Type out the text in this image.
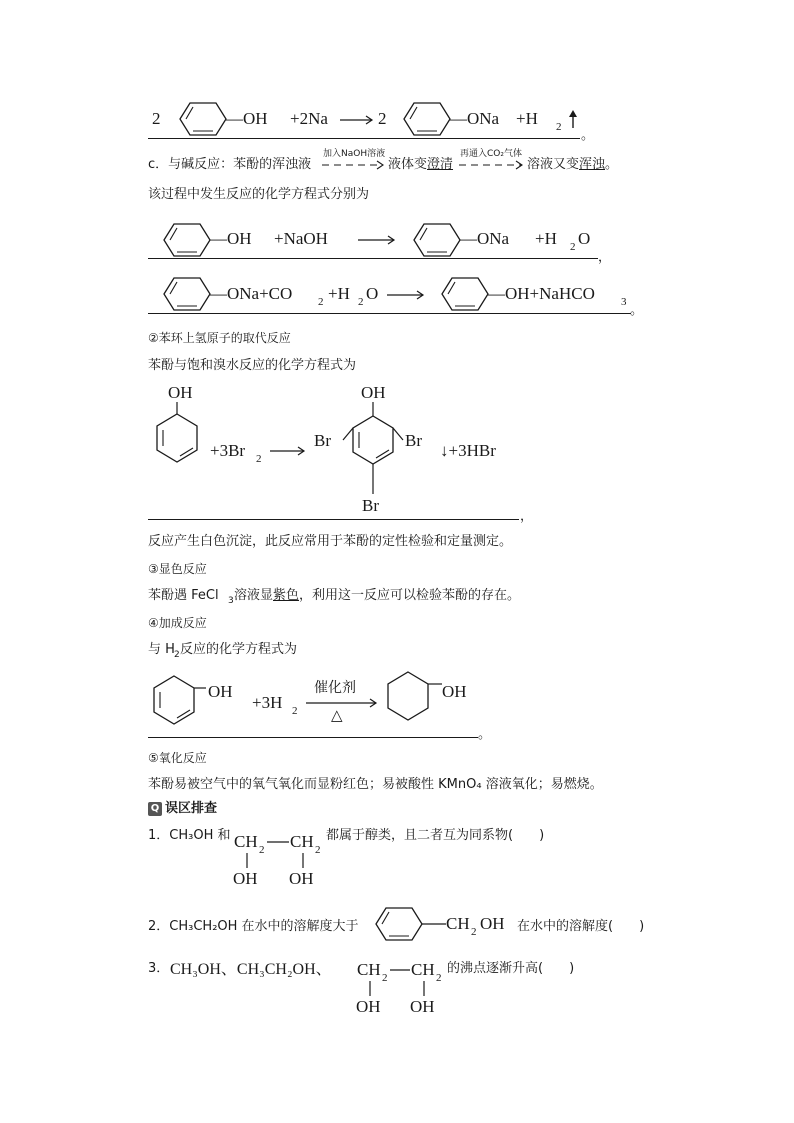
2	—OH +2Na	2	—ONa +H 2
。
c．与碱反应：苯酚的浑浊液
加入NaOH溶液
液体变 澄清
再通入CO₂气体
溶液又变 浑浊 。
该过程中发生反应的化学方程式分别为
—OH +NaOH	—ONa +H 2 O
，
—ONa+CO 2 +H 2 O	—OH+NaHCO 3
。
②苯环上氢原子的取代反应
苯酚与饱和溴水反应的化学方程式为
OH
+3Br 2
OH
Br	Br
Br
↓+3HBr
，
反应产生白色沉淀，此反应常用于苯酚的定性检验和定量测定。
③显色反应
苯酚遇 FeCl 3 溶液显 紫色 ，利用这一反应可以检验苯酚的存在。
④加成反应
与 H 2 反应的化学方程式为
OH
+3H 2
催化剂
△
OH
。
⑤氧化反应
苯酚易被空气中的氧气氧化而显粉红色；易被酸性 KMnO₄ 溶液氧化；易燃烧。
Q 误区排查
1．CH₃OH 和 CH 2 CH 2
都属于醇类，且二者互为同系物(　　)
OH OH
2．CH₃CH₂OH 在水中的溶解度大于	CH 2 OH 在水中的溶解度(　　)
3． CH₃OH、CH₃CH₂OH、 CH 2 CH 2
的沸点逐渐升高(　　)
OH OH
